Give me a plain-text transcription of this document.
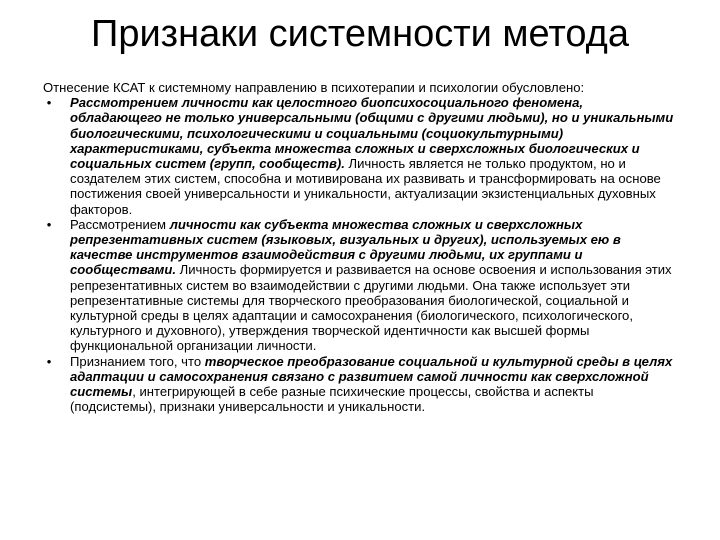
Признаки системности метода

Отнесение КСАТ к системному направлению в психотерапии и психологии обусловлено:

• Рассмотрением личности как целостного биопсихосоциального феномена, обладающего не только универсальными (общими с другими людьми), но и уникальными биологическими, психологическими и социальными (социокультурными) характеристиками, субъекта множества сложных и сверхсложных биологических и социальных систем (групп, сообществ). Личность является не только продуктом, но и создателем этих систем, способна и мотивирована их развивать и трансформировать на основе постижения своей универсальности и уникальности, актуализации экзистенциальных духовных факторов.
• Рассмотрением личности как субъекта множества сложных и сверхсложных репрезентативных систем (языковых, визуальных и других), используемых ею в качестве инструментов взаимодействия с другими людьми, их группами и сообществами. Личность формируется и развивается на основе освоения и использования этих репрезентативных систем во взаимодействии с другими людьми. Она также использует эти репрезентативные системы для творческого преобразования биологической, социальной и культурной среды в целях адаптации и самосохранения (биологического, психологического, культурного и духовного), утверждения творческой идентичности как высшей формы функциональной организации личности.
• Признанием того, что творческое преобразование социальной и культурной среды в целях адаптации и самосохранения связано с развитием самой личности как сверхсложной системы, интегрирующей в себе разные психические процессы, свойства и аспекты (подсистемы), признаки универсальности и уникальности.
